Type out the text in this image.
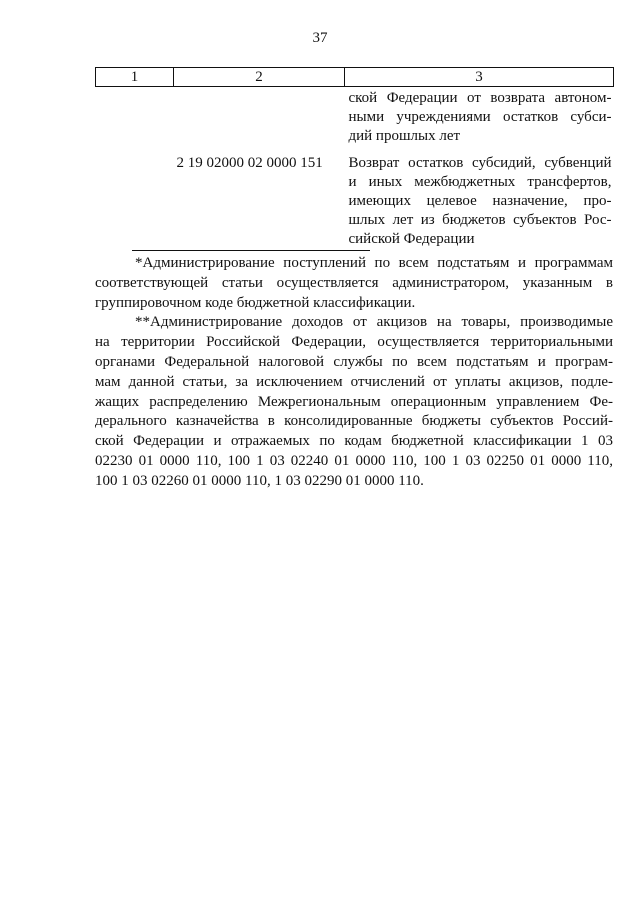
37
1	2	3

		ской Федерации от возврата автоном-
ными учреждениями остатков субси-
дий прошлых лет

	2 19 02000 02 0000 151	Возврат остатков субсидий, субвенций
и иных межбюджетных трансфертов,
имеющих целевое назначение, про-
шлых лет из бюджетов субъектов Рос-
сийской Федерации

*Администрирование поступлений по всем подстатьям и программам
соответствующей статьи осуществляется администратором, указанным в
группировочном коде бюджетной классификации.

**Администрирование доходов от акцизов на товары, производимые
на территории Российской Федерации, осуществляется территориальными
органами Федеральной налоговой службы по всем подстатьям и програм-
мам данной статьи, за исключением отчислений от уплаты акцизов, подле-
жащих распределению Межрегиональным операционным управлением Фе-
дерального казначейства в консолидированные бюджеты субъектов Россий-
ской Федерации и отражаемых по кодам бюджетной классификации 1 03
02230 01 0000 110, 100 1 03 02240 01 0000 110, 100 1 03 02250 01 0000 110,
100 1 03 02260 01 0000 110, 1 03 02290 01 0000 110.
